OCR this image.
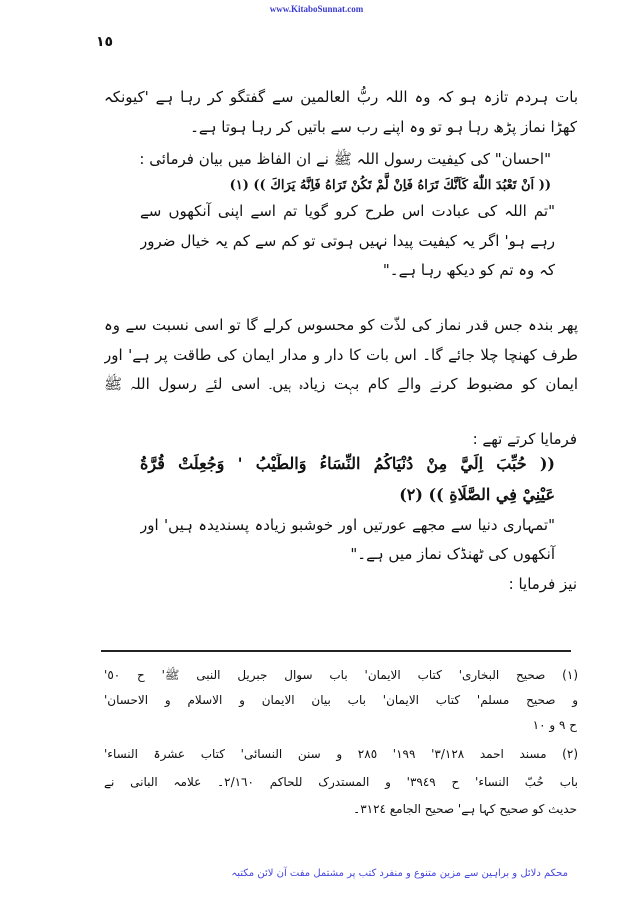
www.KitaboSunnat.com
١٥
بات ہردم تازہ ہو کہ وہ اللہ ربُّ العالمین سے گفتگو کر رہا ہے 'کیونکہ
کھڑا نماز پڑھ رہا ہو تو وہ اپنے رب سے باتیں کر رہا ہوتا ہے۔
"احسان" کی کیفیت رسول اللہ ﷺ نے ان الفاظ میں بیان فرمائی :
(( اَنْ تَعْبُدَ اللّٰهَ كَاَنَّكَ تَرَاهُ فَاِنْ لَّمْ تَكُنْ تَرَاهُ فَاِنَّهُ يَرَاكَ )) (١)
"تم اللہ کی عبادت اس طرح کرو گویا تم اسے اپنی آنکھوں سے
رہے ہو' اگر یہ کیفیت پیدا نہیں ہوتی تو کم سے کم یہ خیال ضرور
کہ وہ تم کو دیکھ رہا ہے۔"
پھر بندہ جس قدر نماز کی لذّت کو محسوس کرلے گا تو اسی نسبت سے وہ
طرف کھنچا چلا جائے گا۔ اس بات کا دار و مدار ایمان کی طاقت پر ہے' اور
ایمان کو مضبوط کرنے والے کام بہت زیادہ ہیں۔ اسی لئے رسول اللہ ﷺ
فرمایا کرتے تھے :
(( حُبِّبَ اِلَيَّ مِنْ دُنْيَاكُمُ النِّسَاءُ وَالطِّيْبُ ' وَجُعِلَتْ قُرَّةُ
عَيْنِيْ فِي الصَّلَاةِ )) (٢)
"تمہاری دنیا سے مجھے عورتیں اور خوشبو زیادہ پسندیدہ ہیں' اور
آنکھوں کی ٹھنڈک نماز میں ہے۔"
نیز فرمایا :
(١) صحیح البخاری' کتاب الایمان' باب سوال جبریل النبی ﷺ' ح ٥٠'
و صحیح مسلم' کتاب الایمان' باب بیان الایمان و الاسلام و الاحسان'
ح ٩ و ١٠
(٢) مسند احمد ٣/١٢٨' ١٩٩' ٢٨٥ و سنن النسائی' کتاب عشرۃ النساء'
باب حُبّ النساء' ح ٣٩٤٩' و المستدرک للحاکم ٢/١٦٠۔ علامہ البانی نے
حدیث کو صحیح کہا ہے' صحیح الجامع ٣١٢٤۔
محکم دلائل و براہین سے مزین متنوع و منفرد کتب پر مشتمل مفت آن لائن مکتبہ
